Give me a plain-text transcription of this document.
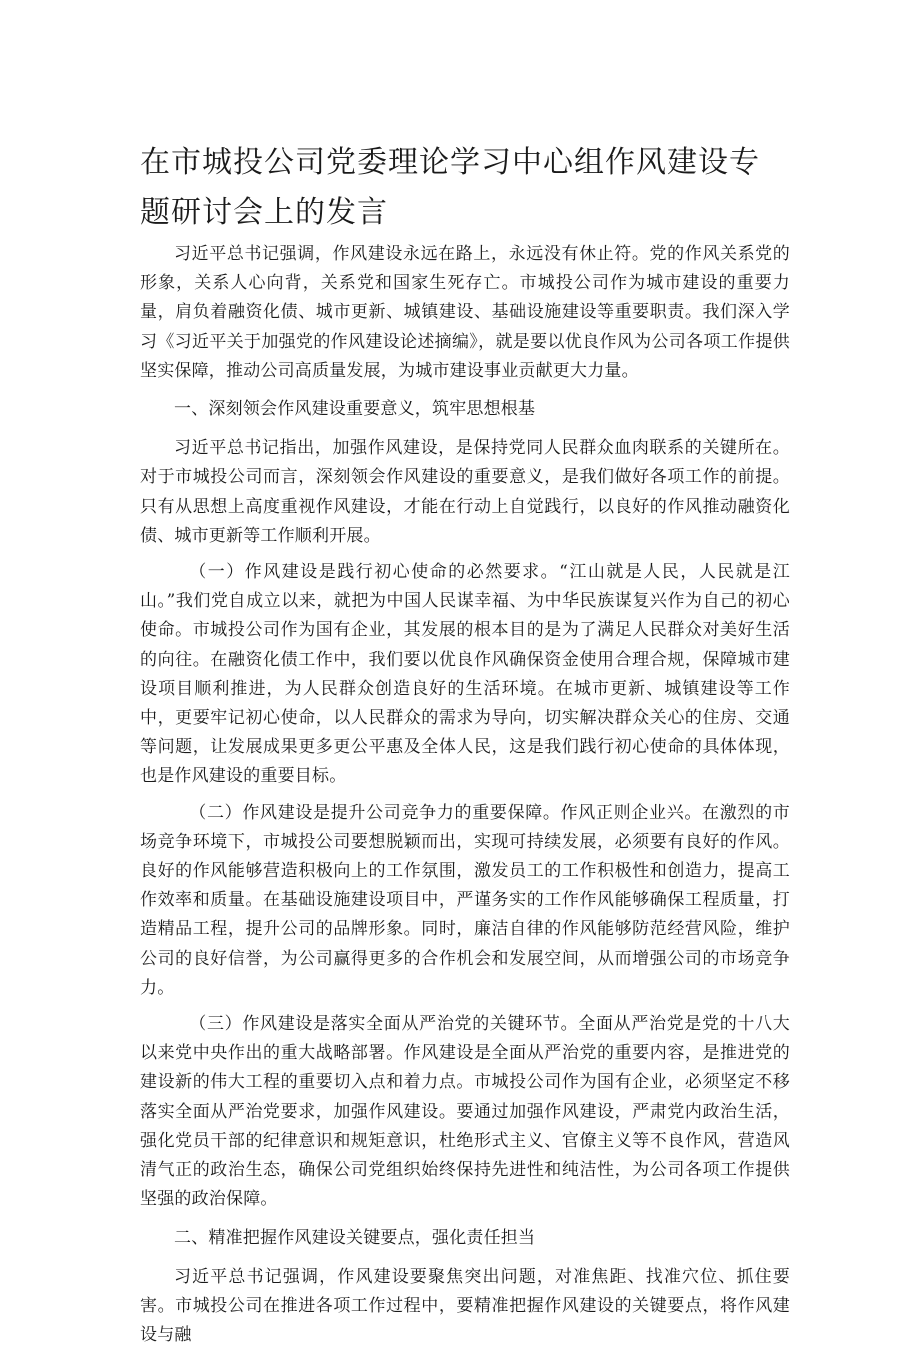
在市城投公司党委理论学习中心组作风建设专题研讨会上的发言

习近平总书记强调，作风建设永远在路上，永远没有休止符。党的作风关系党的形象，关系人心向背，关系党和国家生死存亡。市城投公司作为城市建设的重要力量，肩负着融资化债、城市更新、城镇建设、基础设施建设等重要职责。我们深入学习《习近平关于加强党的作风建设论述摘编》，就是要以优良作风为公司各项工作提供坚实保障，推动公司高质量发展，为城市建设事业贡献更大力量。

一、深刻领会作风建设重要意义，筑牢思想根基

习近平总书记指出，加强作风建设，是保持党同人民群众血肉联系的关键所在。对于市城投公司而言，深刻领会作风建设的重要意义，是我们做好各项工作的前提。只有从思想上高度重视作风建设，才能在行动上自觉践行，以良好的作风推动融资化债、城市更新等工作顺利开展。

（一）作风建设是践行初心使命的必然要求。“江山就是人民，人民就是江山。”我们党自成立以来，就把为中国人民谋幸福、为中华民族谋复兴作为自己的初心使命。市城投公司作为国有企业，其发展的根本目的是为了满足人民群众对美好生活的向往。在融资化债工作中，我们要以优良作风确保资金使用合理合规，保障城市建设项目顺利推进，为人民群众创造良好的生活环境。在城市更新、城镇建设等工作中，更要牢记初心使命，以人民群众的需求为导向，切实解决群众关心的住房、交通等问题，让发展成果更多更公平惠及全体人民，这是我们践行初心使命的具体体现，也是作风建设的重要目标。

（二）作风建设是提升公司竞争力的重要保障。作风正则企业兴。在激烈的市场竞争环境下，市城投公司要想脱颖而出，实现可持续发展，必须要有良好的作风。良好的作风能够营造积极向上的工作氛围，激发员工的工作积极性和创造力，提高工作效率和质量。在基础设施建设项目中，严谨务实的工作作风能够确保工程质量，打造精品工程，提升公司的品牌形象。同时，廉洁自律的作风能够防范经营风险，维护公司的良好信誉，为公司赢得更多的合作机会和发展空间，从而增强公司的市场竞争力。

（三）作风建设是落实全面从严治党的关键环节。全面从严治党是党的十八大以来党中央作出的重大战略部署。作风建设是全面从严治党的重要内容，是推进党的建设新的伟大工程的重要切入点和着力点。市城投公司作为国有企业，必须坚定不移落实全面从严治党要求，加强作风建设。要通过加强作风建设，严肃党内政治生活，强化党员干部的纪律意识和规矩意识，杜绝形式主义、官僚主义等不良作风，营造风清气正的政治生态，确保公司党组织始终保持先进性和纯洁性，为公司各项工作提供坚强的政治保障。

二、精准把握作风建设关键要点，强化责任担当

习近平总书记强调，作风建设要聚焦突出问题，对准焦距、找准穴位、抓住要害。市城投公司在推进各项工作过程中，要精准把握作风建设的关键要点，将作风建设与融
